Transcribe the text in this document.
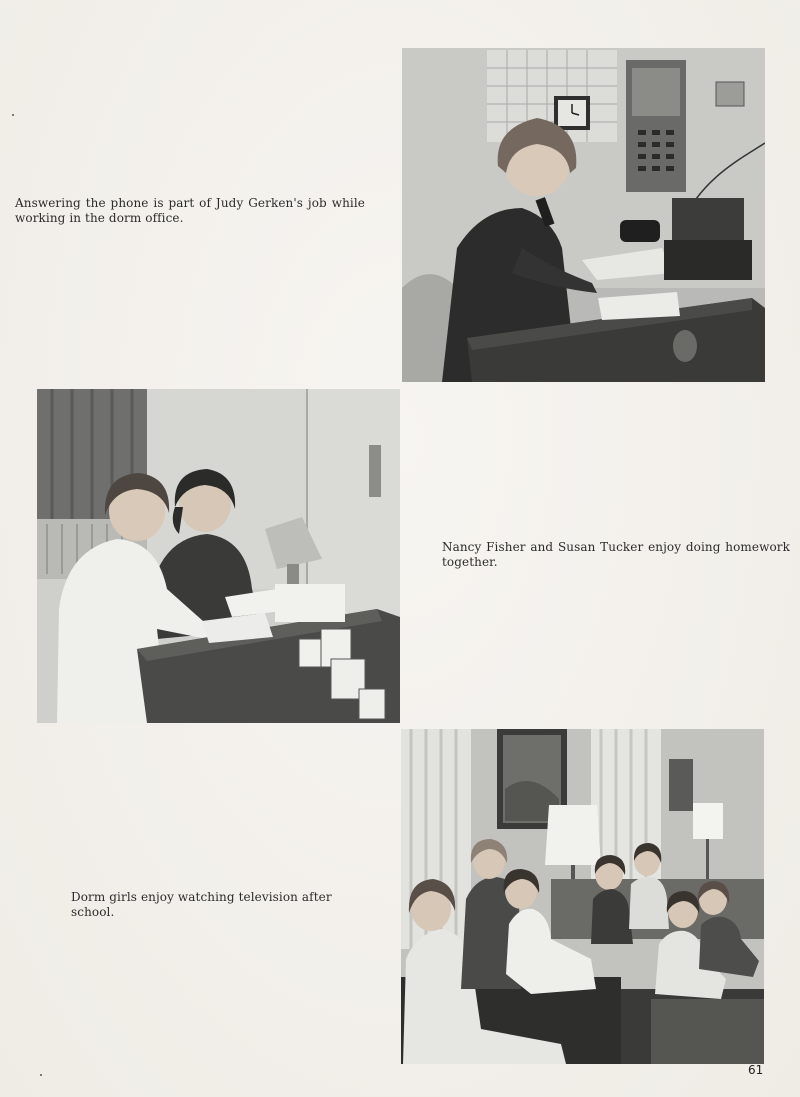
Answering the phone is part of Judy Gerken's job while working in the dorm office.
Nancy Fisher and Susan Tucker enjoy doing homework together.
Dorm girls enjoy watching television after school.
61
